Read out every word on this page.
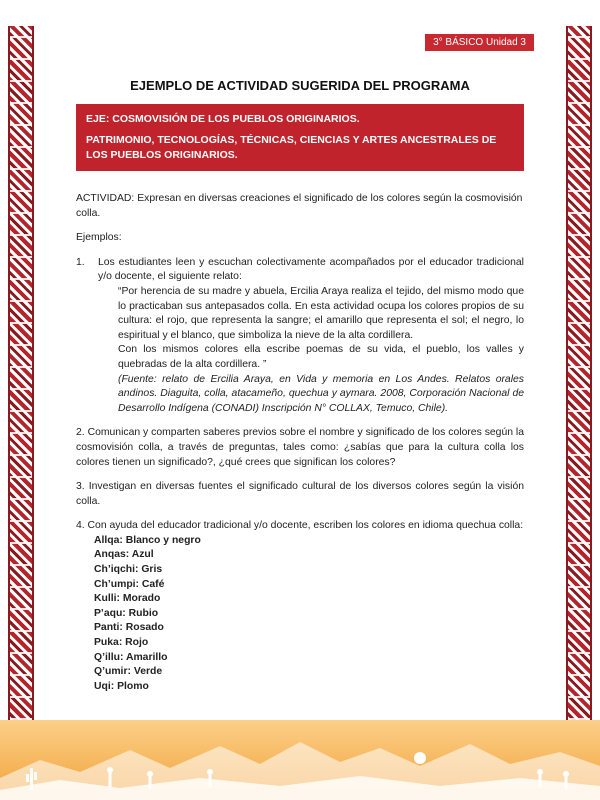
3° BÁSICO Unidad 3
EJEMPLO DE ACTIVIDAD SUGERIDA DEL PROGRAMA

EJE: COSMOVISIÓN DE LOS PUEBLOS ORIGINARIOS.

PATRIMONIO, TECNOLOGÍAS, TÉCNICAS, CIENCIAS Y ARTES ANCESTRALES DE LOS PUEBLOS ORIGINARIOS.

ACTIVIDAD: Expresan en diversas creaciones el significado de los colores según la cosmovisión colla.

Ejemplos:

1.	Los estudiantes leen y escuchan colectivamente acompañados por el educador tradicional y/o docente, el siguiente relato:

“Por herencia de su madre y abuela, Ercilia Araya realiza el tejido, del mismo modo que lo practicaban sus antepasados colla. En esta actividad ocupa los colores propios de su cultura: el rojo, que representa la sangre; el amarillo que representa el sol; el negro, lo espiritual y el blanco, que simboliza la nieve de la alta cordillera.

Con los mismos colores ella escribe poemas de su vida, el pueblo, los valles y quebradas de la alta cordillera. ”

(Fuente: relato de Ercilia Araya, en Vida y memoria en Los Andes. Relatos orales andinos. Diaguita, colla, atacameño, quechua y aymara. 2008, Corporación Nacional de Desarrollo Indígena (CONADI) Inscripción N° COLLAX, Temuco, Chile).

2. Comunican y comparten saberes previos sobre el nombre y significado de los colores según la cosmovisión colla, a través de preguntas, tales como: ¿sabías que para la cultura colla los colores tienen un significado?, ¿qué crees que significan los colores?

3. Investigan en diversas fuentes el significado cultural de los diversos colores según la visión colla.

4. Con ayuda del educador tradicional y/o docente, escriben los colores en idioma quechua colla:

Allqa: Blanco y negro

Anqas: Azul

Ch’iqchi: Gris

Ch’umpi: Café

Kulli: Morado

P’aqu: Rubio

Panti: Rosado

Puka: Rojo

Q’illu: Amarillo

Q’umir: Verde

Uqi: Plomo
